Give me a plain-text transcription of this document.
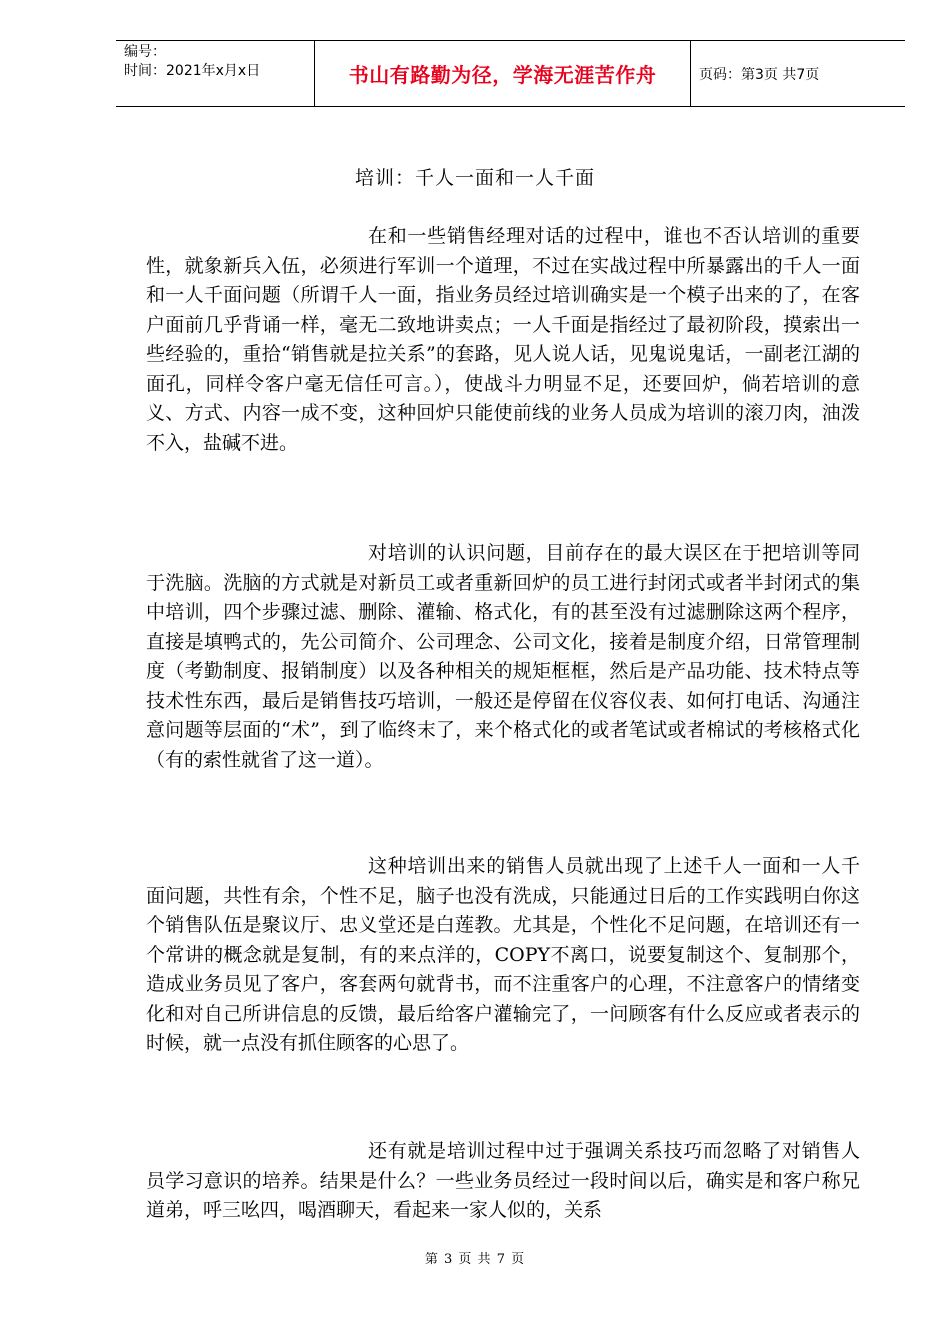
编号：
时间：2021年x月x日	书山有路勤为径，学海无涯苦作舟	页码：第3页 共7页
培训：千人一面和一人千面

在和一些销售经理对话的过程中，谁也不否认培训的重要性，就象新兵入伍，必须进行军训一个道理，不过在实战过程中所暴露出的千人一面和一人千面问题（所谓千人一面，指业务员经过培训确实是一个模子出来的了，在客户面前几乎背诵一样，毫无二致地讲卖点；一人千面是指经过了最初阶段，摸索出一些经验的，重拾“销售就是拉关系”的套路，见人说人话，见鬼说鬼话，一副老江湖的面孔，同样令客户毫无信任可言。），使战斗力明显不足，还要回炉，倘若培训的意义、方式、内容一成不变，这种回炉只能使前线的业务人员成为培训的滚刀肉，油泼不入，盐碱不进。

对培训的认识问题，目前存在的最大误区在于把培训等同于洗脑。洗脑的方式就是对新员工或者重新回炉的员工进行封闭式或者半封闭式的集中培训，四个步骤过滤、删除、灌输、格式化，有的甚至没有过滤删除这两个程序，直接是填鸭式的，先公司简介、公司理念、公司文化，接着是制度介绍，日常管理制度（考勤制度、报销制度）以及各种相关的规矩框框，然后是产品功能、技术特点等技术性东西，最后是销售技巧培训，一般还是停留在仪容仪表、如何打电话、沟通注意问题等层面的“术”，到了临终末了，来个格式化的或者笔试或者棉试的考核格式化（有的索性就省了这一道）。

这种培训出来的销售人员就出现了上述千人一面和一人千面问题，共性有余，个性不足，脑子也没有洗成，只能通过日后的工作实践明白你这个销售队伍是聚议厅、忠义堂还是白莲教。尤其是，个性化不足问题，在培训还有一个常讲的概念就是复制，有的来点洋的，COPY不离口，说要复制这个、复制那个，造成业务员见了客户，客套两句就背书，而不注重客户的心理，不注意客户的情绪变化和对自己所讲信息的反馈，最后给客户灌输完了，一问顾客有什么反应或者表示的时候，就一点没有抓住顾客的心思了。

还有就是培训过程中过于强调关系技巧而忽略了对销售人员学习意识的培养。结果是什么？一些业务员经过一段时间以后，确实是和客户称兄道弟，呼三吆四，喝酒聊天，看起来一家人似的，关系

第 3 页 共 7 页
